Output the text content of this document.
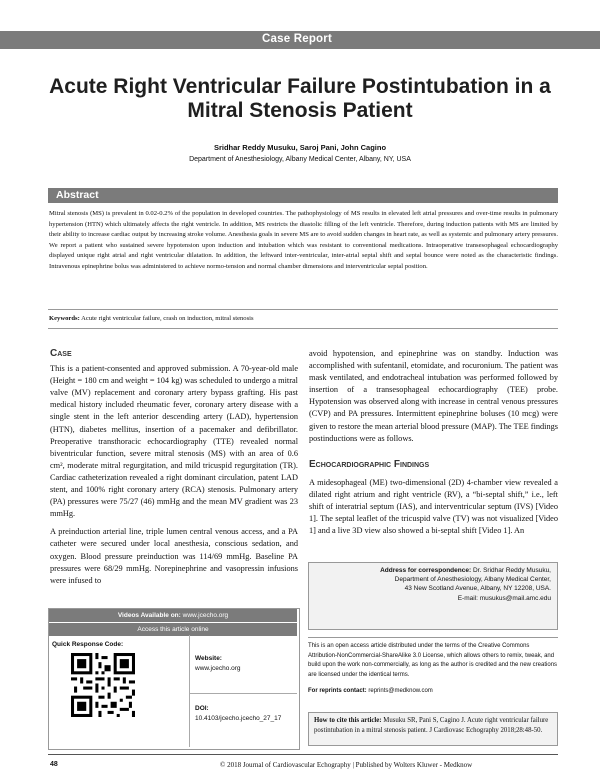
Case Report
Acute Right Ventricular Failure Postintubation in a Mitral Stenosis Patient
Sridhar Reddy Musuku, Saroj Pani, John Cagino
Department of Anesthesiology, Albany Medical Center, Albany, NY, USA
Abstract
Mitral stenosis (MS) is prevalent in 0.02-0.2% of the population in developed countries. The pathophysiology of MS results in elevated left atrial pressures and over-time results in pulmonary hypertension (HTN) which ultimately affects the right ventricle. In addition, MS restricts the diastolic filling of the left ventricle. Therefore, during induction patients with MS are limited by their ability to increase cardiac output by increasing stroke volume. Anesthesia goals in severe MS are to avoid sudden changes in heart rate, as well as systemic and pulmonary artery pressures. We report a patient who sustained severe hypotension upon induction and intubation which was resistant to conventional medications. Intraoperative transesophageal echocardiography displayed unique right atrial and right ventricular dilatation. In addition, the leftward inter-ventricular, inter-atrial septal shift and septal bounce were noted as the characteristic findings. Intravenous epinephrine bolus was administered to achieve normo-tension and normal chamber dimensions and interventricular septal position.
Keywords: Acute right ventricular failure, crash on induction, mitral stenosis
Case

This is a patient-consented and approved submission. A 70-year-old male (Height = 180 cm and weight = 104 kg) was scheduled to undergo a mitral valve (MV) replacement and coronary artery bypass grafting. His past medical history included rheumatic fever, coronary artery disease with a single stent in the left anterior descending artery (LAD), hypertension (HTN), diabetes mellitus, insertion of a pacemaker and defibrillator. Preoperative transthoracic echocardiography (TTE) revealed normal biventricular function, severe mitral stenosis (MS) with an area of 0.6 cm², moderate mitral regurgitation, and mild tricuspid regurgitation (TR). Cardiac catheterization revealed a right dominant circulation, patent LAD stent, and 100% right coronary artery (RCA) stenosis. Pulmonary artery (PA) pressures were 75/27 (46) mmHg and the mean MV gradient was 23 mmHg.

A preinduction arterial line, triple lumen central venous access, and a PA catheter were secured under local anesthesia, conscious sedation, and oxygen. Blood pressure preinduction was 114/69 mmHg. Baseline PA pressures were 68/29 mmHg. Norepinephrine and vasopressin infusions were infused to

avoid hypotension, and epinephrine was on standby. Induction was accomplished with sufentanil, etomidate, and rocuronium. The patient was mask ventilated, and endotracheal intubation was performed followed by insertion of a transesophageal echocardiography (TEE) probe. Hypotension was observed along with increase in central venous pressures (CVP) and PA pressures. Intermittent epinephrine boluses (10 mcg) were given to restore the mean arterial blood pressure (MAP). The TEE findings postinductions were as follows.

Echocardiographic Findings

A midesophageal (ME) two-dimensional (2D) 4-chamber view revealed a dilated right atrium and right ventricle (RV), a “bi-septal shift,” i.e., left shift of interatrial septum (IAS), and interventricular septum (IVS) [Video 1]. The septal leaflet of the tricuspid valve (TV) was not visualized [Video 1] and a live 3D view also showed a bi-septal shift [Video 1]. An

Address for correspondence: Dr. Sridhar Reddy Musuku,
Department of Anesthesiology, Albany Medical Center,
43 New Scotland Avenue, Albany, NY 12208, USA.
E-mail: musukus@mail.amc.edu
Videos Available on: www.jcecho.org
Access this article online
Quick Response Code:
Website:
www.jcecho.org
DOI:
10.4103/jcecho.jcecho_27_17
This is an open access article distributed under the terms of the Creative Commons Attribution-NonCommercial-ShareAlike 3.0 License, which allows others to remix, tweak, and build upon the work non-commercially, as long as the author is credited and the new creations are licensed under the identical terms.
For reprints contact: reprints@medknow.com
How to cite this article: Musuku SR, Pani S, Cagino J. Acute right ventricular failure postintubation in a mitral stenosis patient. J Cardiovasc Echography 2018;28:48-50.
48	© 2018 Journal of Cardiovascular Echography | Published by Wolters Kluwer - Medknow
